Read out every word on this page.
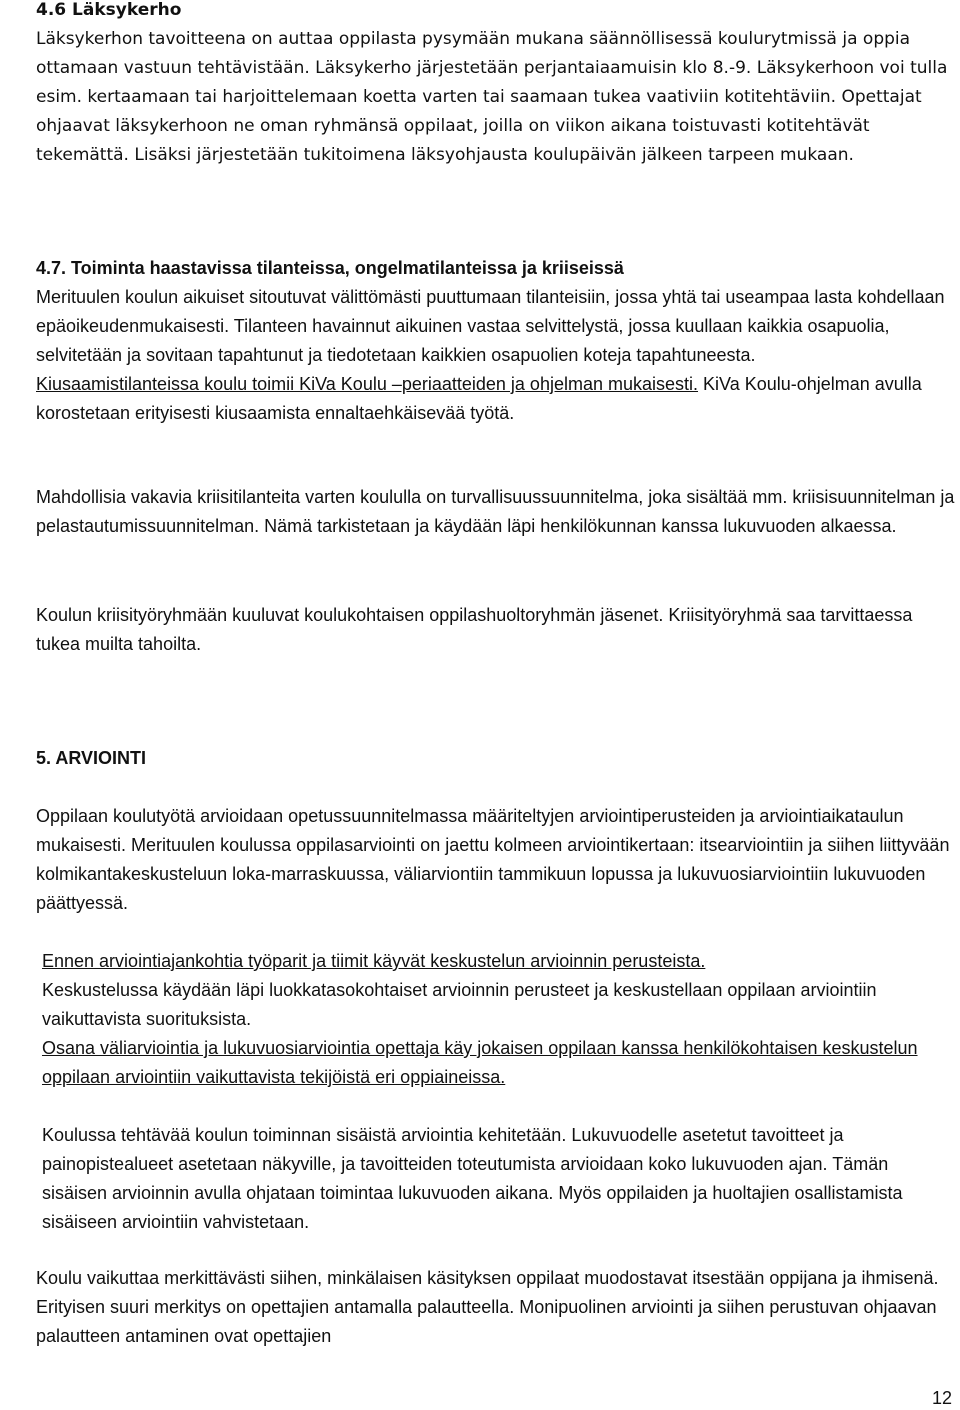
4.6 Läksykerho

Läksykerhon tavoitteena on auttaa oppilasta pysymään mukana säännöllisessä koulurytmissä ja oppia ottamaan vastuun tehtävistään. Läksykerho järjestetään perjantaiaamuisin klo 8.-9. Läksykerhoon voi tulla esim. kertaamaan tai harjoittelemaan koetta varten tai saamaan tukea vaativiin kotitehtäviin. Opettajat ohjaavat läksykerhoon ne oman ryhmänsä oppilaat, joilla on viikon aikana toistuvasti kotitehtävät tekemättä. Lisäksi järjestetään tukitoimena läksyohjausta koulupäivän jälkeen tarpeen mukaan.

4.7. Toiminta haastavissa tilanteissa, ongelmatilanteissa ja kriiseissä

Merituulen koulun aikuiset sitoutuvat välittömästi puuttumaan tilanteisiin, jossa yhtä tai useampaa lasta kohdellaan epäoikeudenmukaisesti. Tilanteen havainnut aikuinen vastaa selvittelystä, jossa kuullaan kaikkia osapuolia, selvitetään ja sovitaan tapahtunut ja tiedotetaan kaikkien osapuolien koteja tapahtuneesta.

Kiusaamistilanteissa koulu toimii KiVa Koulu –periaatteiden ja ohjelman mukaisesti. KiVa Koulu-ohjelman avulla korostetaan erityisesti kiusaamista ennaltaehkäisevää työtä.

Mahdollisia vakavia kriisitilanteita varten koululla on turvallisuussuunnitelma, joka sisältää mm. kriisisuunnitelman ja pelastautumissuunnitelman. Nämä tarkistetaan ja käydään läpi henkilökunnan kanssa lukuvuoden alkaessa.

Koulun kriisityöryhmään kuuluvat koulukohtaisen oppilashuoltoryhmän jäsenet. Kriisityöryhmä saa tarvittaessa tukea muilta tahoilta.

5. ARVIOINTI

Oppilaan koulutyötä arvioidaan opetussuunnitelmassa määriteltyjen arviointiperusteiden ja arviointiaikataulun mukaisesti. Merituulen koulussa oppilasarviointi on jaettu kolmeen arviointikertaan: itsearviointiin ja siihen liittyvään kolmikantakeskusteluun loka-marraskuussa, väliarviontiin tammikuun lopussa ja lukuvuosiarviointiin lukuvuoden päättyessä.

Ennen arviointiajankohtia työparit ja tiimit käyvät keskustelun arvioinnin perusteista.

Keskustelussa käydään läpi luokkatasokohtaiset arvioinnin perusteet ja keskustellaan oppilaan arviointiin vaikuttavista suorituksista.

Osana väliarviointia ja lukuvuosiarviointia opettaja käy jokaisen oppilaan kanssa henkilökohtaisen keskustelun oppilaan arviointiin vaikuttavista tekijöistä eri oppiaineissa.

Koulussa tehtävää koulun toiminnan sisäistä arviointia kehitetään. Lukuvuodelle asetetut tavoitteet ja painopistealueet asetetaan näkyville, ja tavoitteiden toteutumista arvioidaan koko lukuvuoden ajan. Tämän sisäisen arvioinnin avulla ohjataan toimintaa lukuvuoden aikana. Myös oppilaiden ja huoltajien osallistamista sisäiseen arviointiin vahvistetaan.

Koulu vaikuttaa merkittävästi siihen, minkälaisen käsityksen oppilaat muodostavat itsestään oppijana ja ihmisenä. Erityisen suuri merkitys on opettajien antamalla palautteella. Monipuolinen arviointi ja siihen perustuvan ohjaavan palautteen antaminen ovat opettajien

12
